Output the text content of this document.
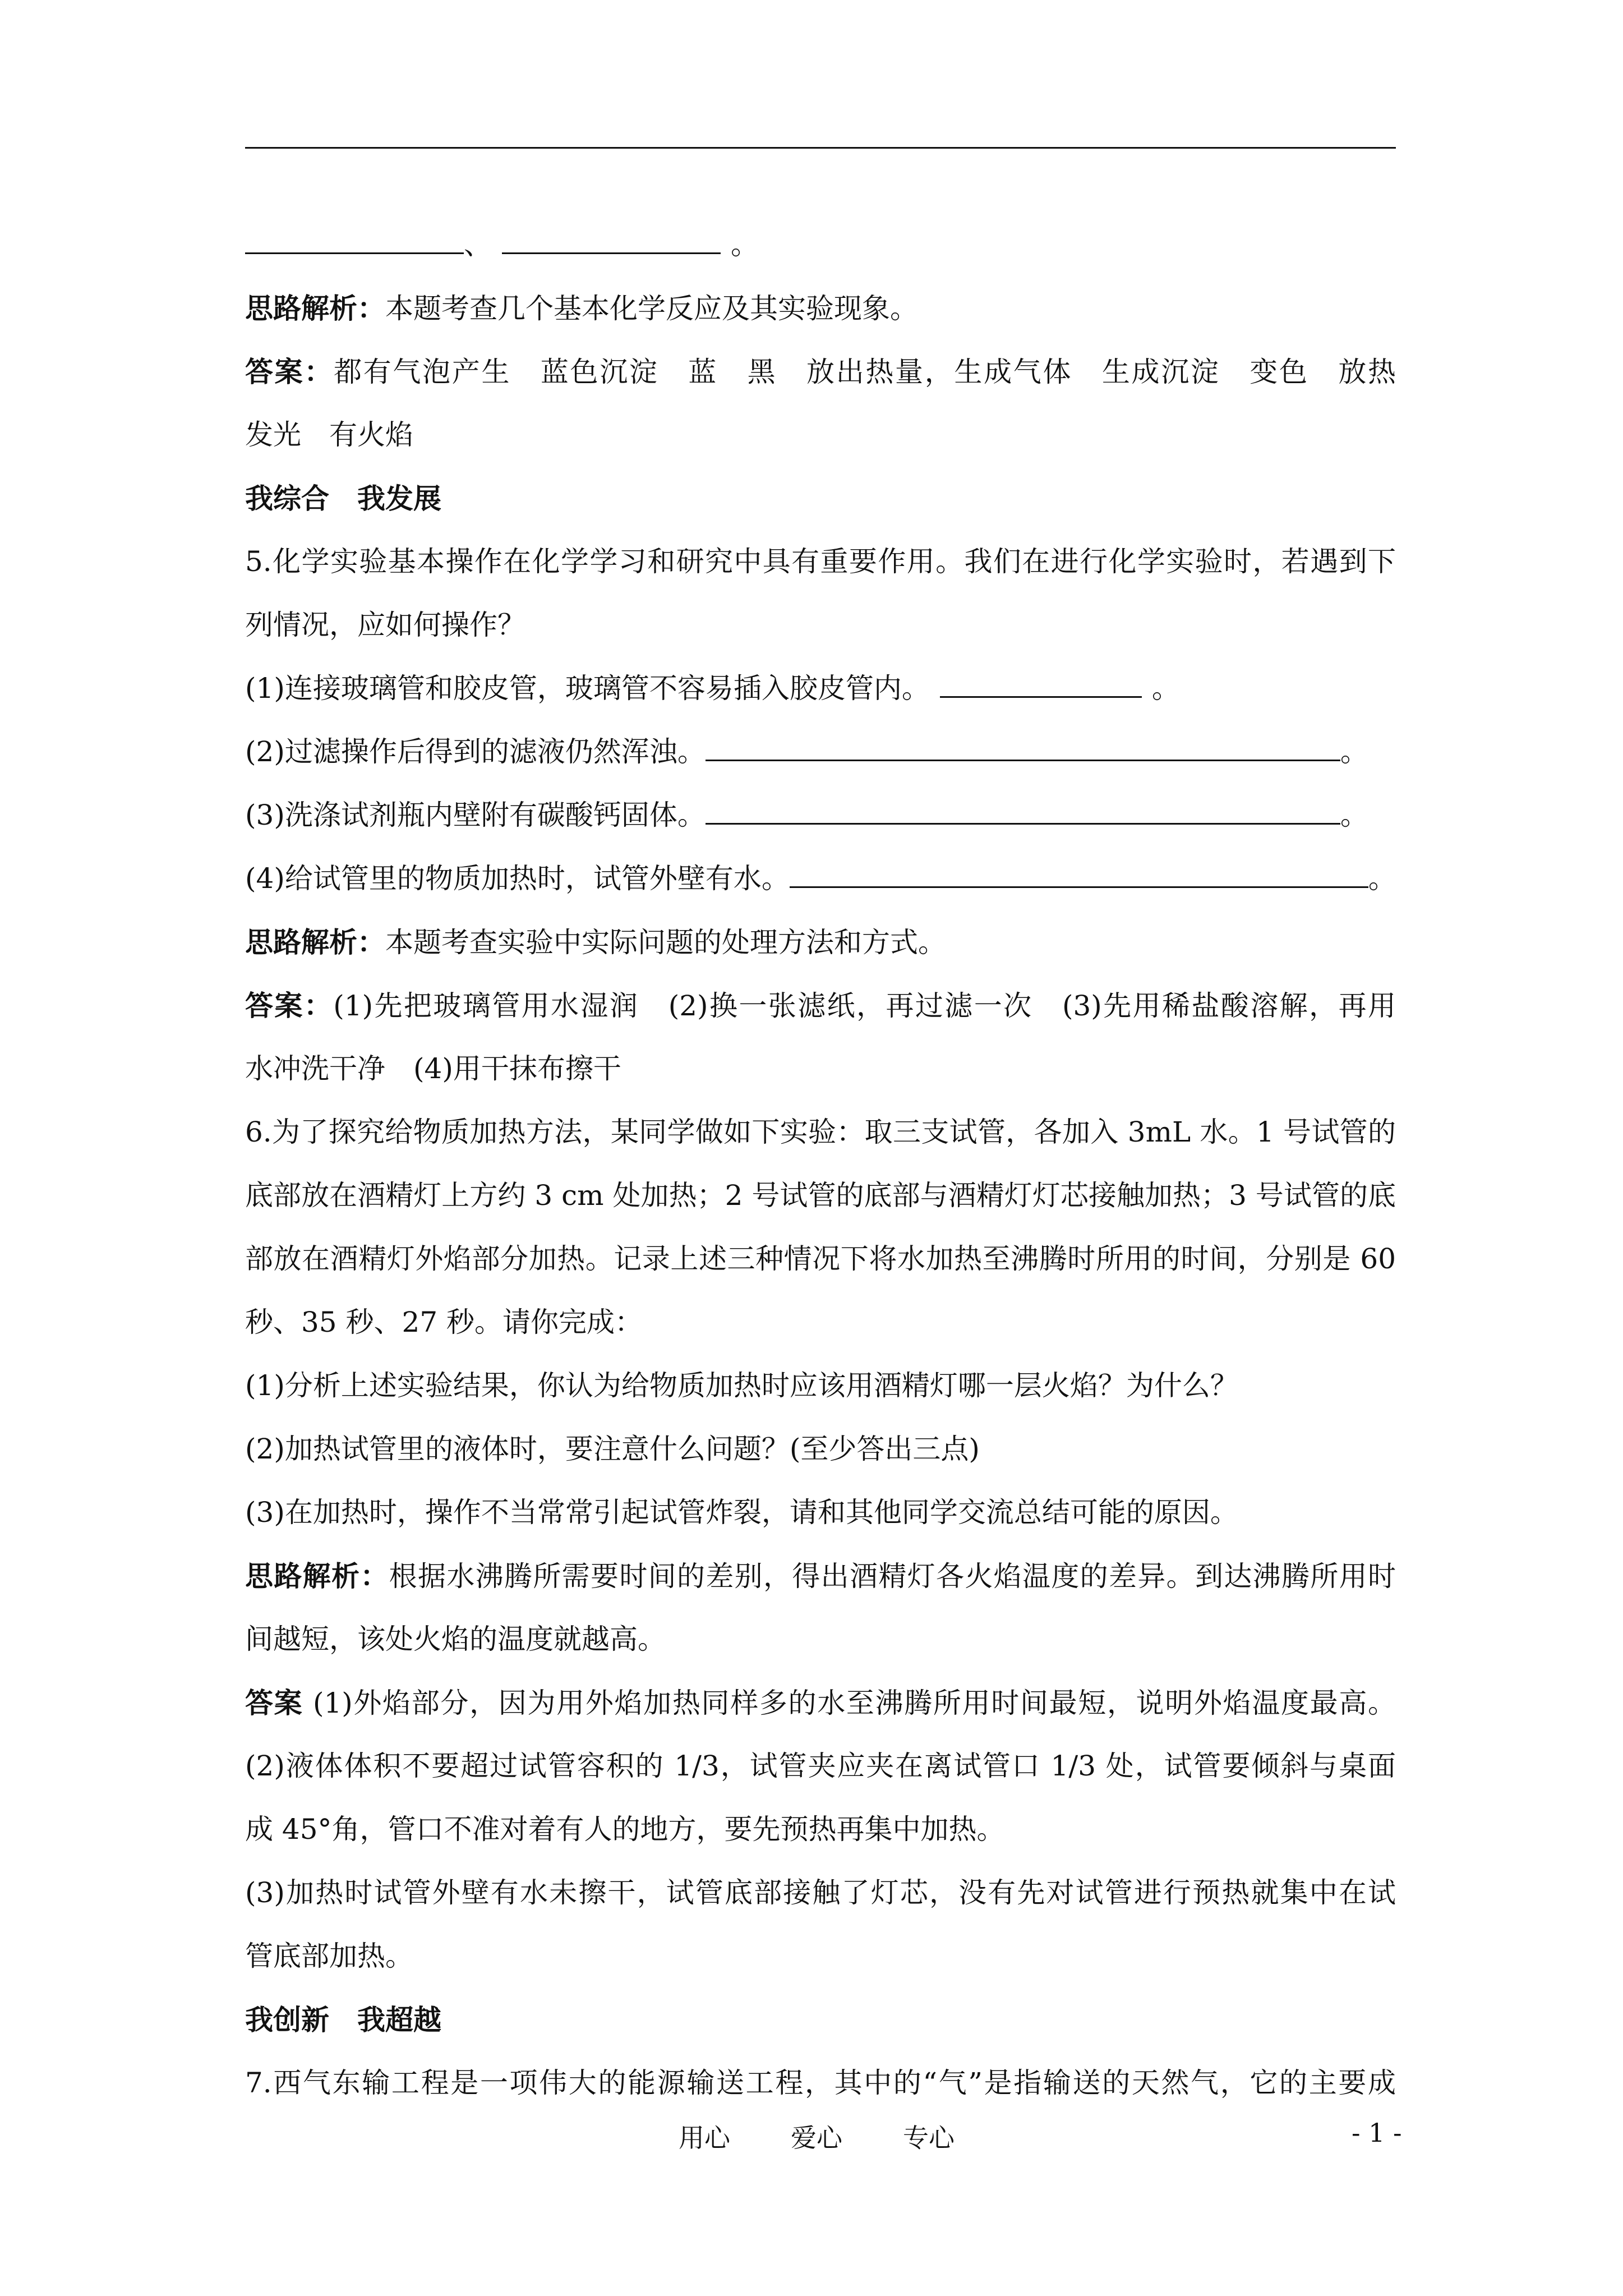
、	。
思路解析：本题考查几个基本化学反应及其实验现象。
答案：都有气泡产生　蓝色沉淀　蓝　黑　放出热量，生成气体　生成沉淀　变色　放热
发光　有火焰
我综合　我发展
5.化学实验基本操作在化学学习和研究中具有重要作用。我们在进行化学实验时，若遇到下
列情况，应如何操作？
(1)连接玻璃管和胶皮管，玻璃管不容易插入胶皮管内。	。
(2)过滤操作后得到的滤液仍然浑浊。	。
(3)洗涤试剂瓶内壁附有碳酸钙固体。	。
(4)给试管里的物质加热时，试管外壁有水。	。
思路解析：本题考查实验中实际问题的处理方法和方式。
答案：(1)先把玻璃管用水湿润　(2)换一张滤纸，再过滤一次　(3)先用稀盐酸溶解，再用
水冲洗干净　(4)用干抹布擦干
6.为了探究给物质加热方法，某同学做如下实验：取三支试管，各加入 3mL 水。1 号试管的
底部放在酒精灯上方约 3 cm 处加热；2 号试管的底部与酒精灯灯芯接触加热；3 号试管的底
部放在酒精灯外焰部分加热。记录上述三种情况下将水加热至沸腾时所用的时间，分别是 60
秒、35 秒、27 秒。请你完成：
(1)分析上述实验结果，你认为给物质加热时应该用酒精灯哪一层火焰？为什么？
(2)加热试管里的液体时，要注意什么问题？(至少答出三点)
(3)在加热时，操作不当常常引起试管炸裂，请和其他同学交流总结可能的原因。
思路解析：根据水沸腾所需要时间的差别，得出酒精灯各火焰温度的差异。到达沸腾所用时
间越短，该处火焰的温度就越高。
答案 (1)外焰部分，因为用外焰加热同样多的水至沸腾所用时间最短，说明外焰温度最高。
(2)液体体积不要超过试管容积的 1/3，试管夹应夹在离试管口 1/3 处，试管要倾斜与桌面
成 45°角，管口不准对着有人的地方，要先预热再集中加热。
(3)加热时试管外壁有水未擦干，试管底部接触了灯芯，没有先对试管进行预热就集中在试
管底部加热。
我创新　我超越
7.西气东输工程是一项伟大的能源输送工程，其中的“气”是指输送的天然气，它的主要成
用心 爱心 专心	- 1 -
